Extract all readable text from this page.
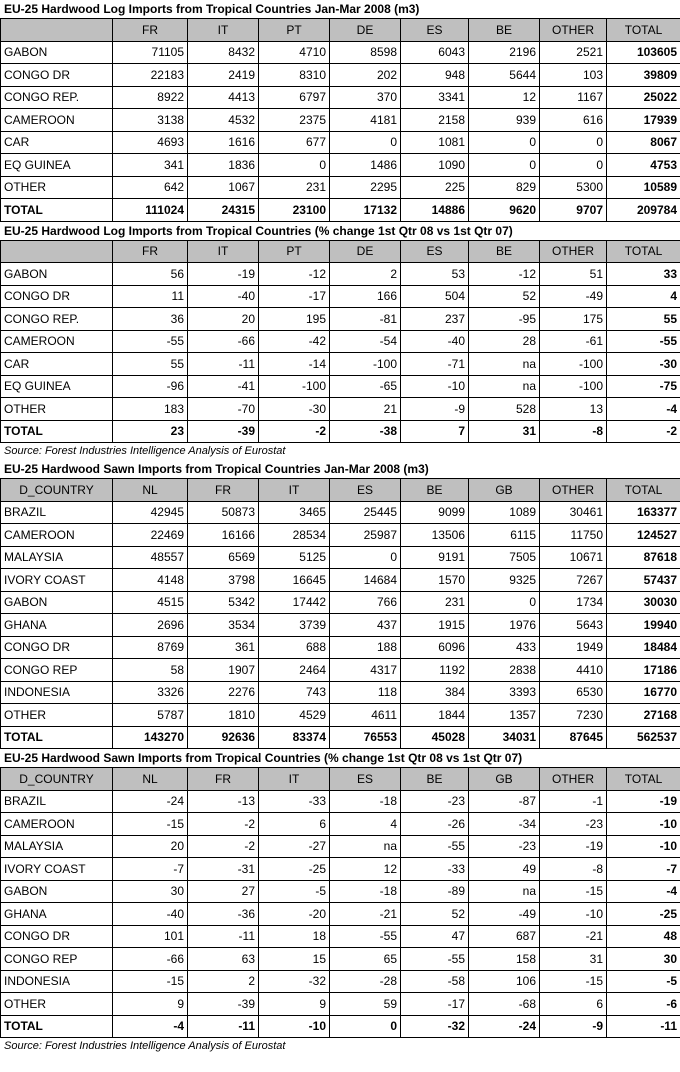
EU-25 Hardwood Log Imports from Tropical Countries Jan-Mar 2008 (m3)
	FR	IT	PT	DE	ES	BE	OTHER	TOTAL
GABON	71105	8432	4710	8598	6043	2196	2521	103605
CONGO DR	22183	2419	8310	202	948	5644	103	39809
CONGO REP.	8922	4413	6797	370	3341	12	1167	25022
CAMEROON	3138	4532	2375	4181	2158	939	616	17939
CAR	4693	1616	677	0	1081	0	0	8067
EQ GUINEA	341	1836	0	1486	1090	0	0	4753
OTHER	642	1067	231	2295	225	829	5300	10589
TOTAL	111024	24315	23100	17132	14886	9620	9707	209784
EU-25 Hardwood Log Imports from Tropical Countries (% change 1st Qtr 08 vs 1st Qtr 07)
	FR	IT	PT	DE	ES	BE	OTHER	TOTAL
GABON	56	-19	-12	2	53	-12	51	33
CONGO DR	11	-40	-17	166	504	52	-49	4
CONGO REP.	36	20	195	-81	237	-95	175	55
CAMEROON	-55	-66	-42	-54	-40	28	-61	-55
CAR	55	-11	-14	-100	-71	na	-100	-30
EQ GUINEA	-96	-41	-100	-65	-10	na	-100	-75
OTHER	183	-70	-30	21	-9	528	13	-4
TOTAL	23	-39	-2	-38	7	31	-8	-2
Source: Forest Industries Intelligence Analysis of Eurostat
EU-25 Hardwood Sawn Imports from Tropical Countries Jan-Mar 2008 (m3)
D_COUNTRY	NL	FR	IT	ES	BE	GB	OTHER	TOTAL
BRAZIL	42945	50873	3465	25445	9099	1089	30461	163377
CAMEROON	22469	16166	28534	25987	13506	6115	11750	124527
MALAYSIA	48557	6569	5125	0	9191	7505	10671	87618
IVORY COAST	4148	3798	16645	14684	1570	9325	7267	57437
GABON	4515	5342	17442	766	231	0	1734	30030
GHANA	2696	3534	3739	437	1915	1976	5643	19940
CONGO DR	8769	361	688	188	6096	433	1949	18484
CONGO REP	58	1907	2464	4317	1192	2838	4410	17186
INDONESIA	3326	2276	743	118	384	3393	6530	16770
OTHER	5787	1810	4529	4611	1844	1357	7230	27168
TOTAL	143270	92636	83374	76553	45028	34031	87645	562537
EU-25 Hardwood Sawn Imports from Tropical Countries (% change 1st Qtr 08 vs 1st Qtr 07)
D_COUNTRY	NL	FR	IT	ES	BE	GB	OTHER	TOTAL
BRAZIL	-24	-13	-33	-18	-23	-87	-1	-19
CAMEROON	-15	-2	6	4	-26	-34	-23	-10
MALAYSIA	20	-2	-27	na	-55	-23	-19	-10
IVORY COAST	-7	-31	-25	12	-33	49	-8	-7
GABON	30	27	-5	-18	-89	na	-15	-4
GHANA	-40	-36	-20	-21	52	-49	-10	-25
CONGO DR	101	-11	18	-55	47	687	-21	48
CONGO REP	-66	63	15	65	-55	158	31	30
INDONESIA	-15	2	-32	-28	-58	106	-15	-5
OTHER	9	-39	9	59	-17	-68	6	-6
TOTAL	-4	-11	-10	0	-32	-24	-9	-11
Source: Forest Industries Intelligence Analysis of Eurostat
